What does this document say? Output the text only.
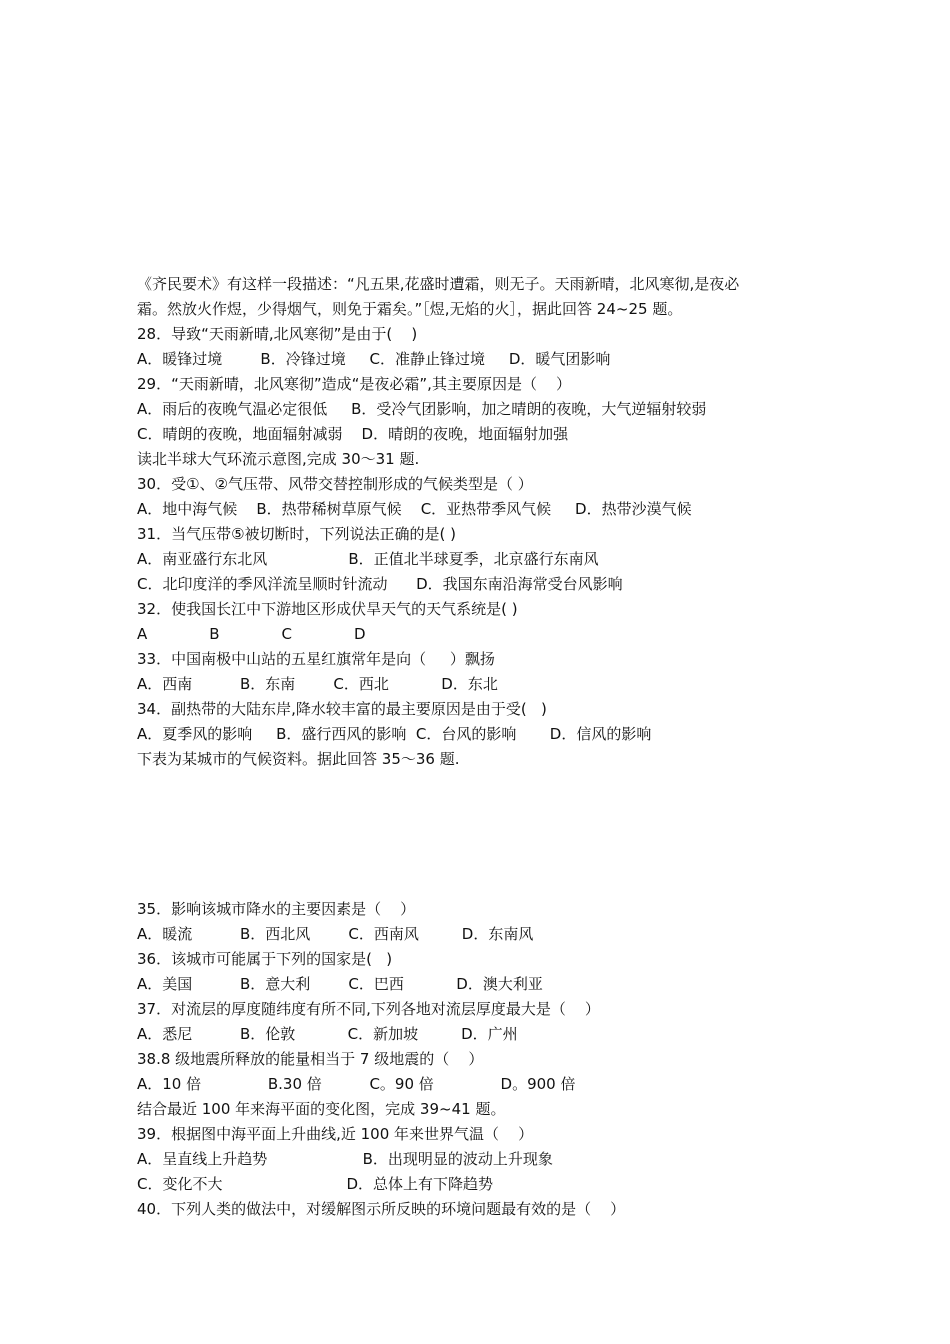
《齐民要术》有这样一段描述：“凡五果,花盛时遭霜，则无子。天雨新晴，北风寒彻,是夜必
霜。然放火作煜，少得烟气，则免于霜矣。”［煜,无焰的火］，据此回答 24~25 题。
28．导致“天雨新晴,北风寒彻”是由于(    )
A．暖锋过境        B．冷锋过境     C．准静止锋过境     D．暖气团影响
29．“天雨新晴，北风寒彻”造成“是夜必霜”,其主要原因是（    ）
A．雨后的夜晚气温必定很低     B．受冷气团影响，加之晴朗的夜晚，大气逆辐射较弱
C．晴朗的夜晚，地面辐射减弱    D．晴朗的夜晚，地面辐射加强
读北半球大气环流示意图,完成 30～31 题.
30．受①、②气压带、风带交替控制形成的气候类型是（ ）
A．地中海气候    B．热带稀树草原气候    C．亚热带季风气候     D．热带沙漠气候
31．当气压带⑤被切断时，下列说法正确的是( )
A．南亚盛行东北风                 B．正值北半球夏季，北京盛行东南风
C．北印度洋的季风洋流呈顺时针流动      D．我国东南沿海常受台风影响
32．使我国长江中下游地区形成伏旱天气的天气系统是( )
A             B             C             D
33．中国南极中山站的五星红旗常年是向（     ）飘扬
A．西南          B．东南        C．西北           D．东北
34．副热带的大陆东岸,降水较丰富的最主要原因是由于受(   )
A．夏季风的影响     B．盛行西风的影响  C．台风的影响       D．信风的影响
下表为某城市的气候资料。据此回答 35～36 题.
35．影响该城市降水的主要因素是（    ）
A．暖流          B．西北风        C．西南风         D．东南风
36．该城市可能属于下列的国家是(   )
A．美国          B．意大利        C．巴西           D．澳大利亚
37．对流层的厚度随纬度有所不同,下列各地对流层厚度最大是（    ）
A．悉尼          B．伦敦           C．新加坡         D．广州
38.8 级地震所释放的能量相当于 7 级地震的（    ）
A．10 倍              B.30 倍          C。90 倍              D。900 倍
结合最近 100 年来海平面的变化图，完成 39~41 题。
39．根据图中海平面上升曲线,近 100 年来世界气温（    ）
A．呈直线上升趋势                    B．出现明显的波动上升现象
C．变化不大                          D．总体上有下降趋势
40．下列人类的做法中，对缓解图示所反映的环境问题最有效的是（    ）
